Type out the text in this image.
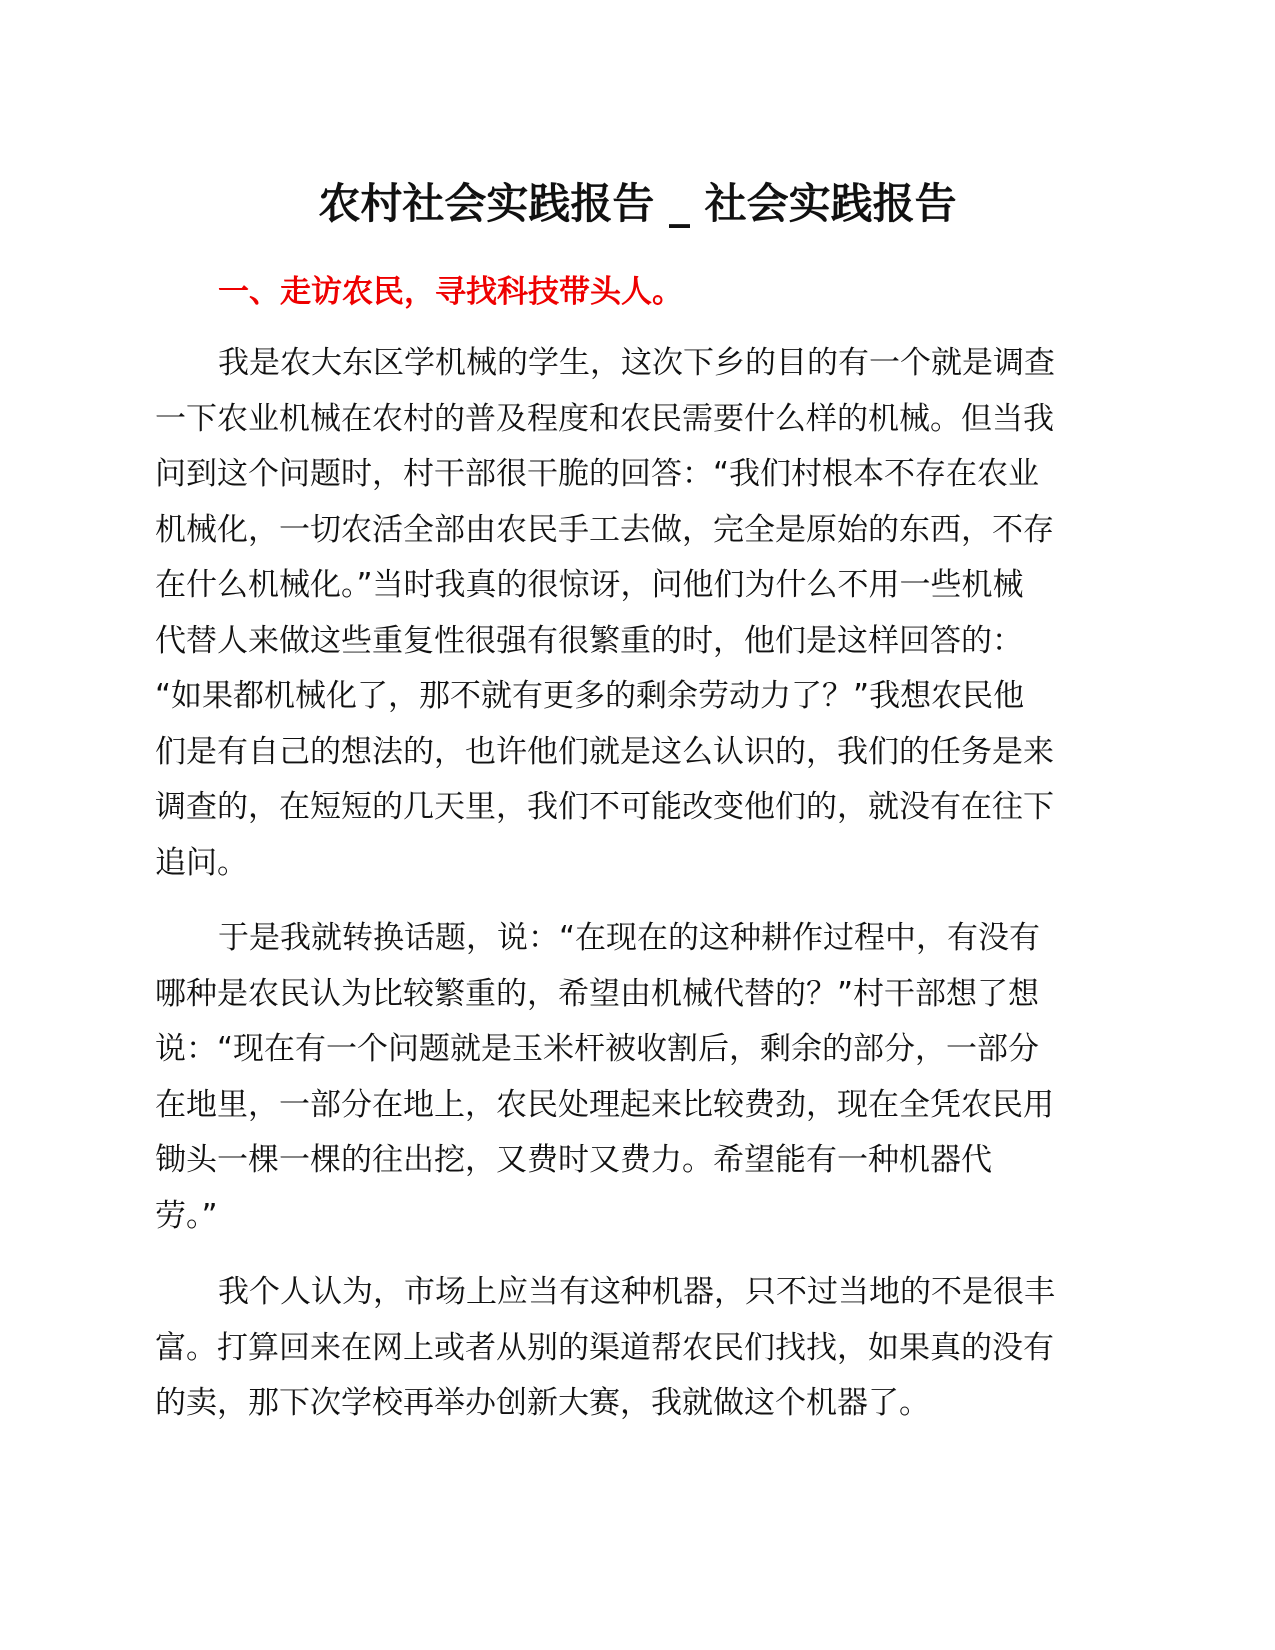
农村社会实践报告 _ 社会实践报告
一、走访农民，寻找科技带头人。
我是农大东区学机械的学生，这次下乡的目的有一个就是调查
一下农业机械在农村的普及程度和农民需要什么样的机械。但当我
问到这个问题时，村干部很干脆的回答：“我们村根本不存在农业
机械化，一切农活全部由农民手工去做，完全是原始的东西，不存
在什么机械化。”当时我真的很惊讶，问他们为什么不用一些机械
代替人来做这些重复性很强有很繁重的时，他们是这样回答的：
“如果都机械化了，那不就有更多的剩余劳动力了？”我想农民他
们是有自己的想法的，也许他们就是这么认识的，我们的任务是来
调查的，在短短的几天里，我们不可能改变他们的，就没有在往下
追问。
于是我就转换话题，说：“在现在的这种耕作过程中，有没有
哪种是农民认为比较繁重的，希望由机械代替的？”村干部想了想
说：“现在有一个问题就是玉米杆被收割后，剩余的部分，一部分
在地里，一部分在地上，农民处理起来比较费劲，现在全凭农民用
锄头一棵一棵的往出挖，又费时又费力。希望能有一种机器代
劳。”
我个人认为，市场上应当有这种机器，只不过当地的不是很丰
富。打算回来在网上或者从别的渠道帮农民们找找，如果真的没有
的卖，那下次学校再举办创新大赛，我就做这个机器了。
